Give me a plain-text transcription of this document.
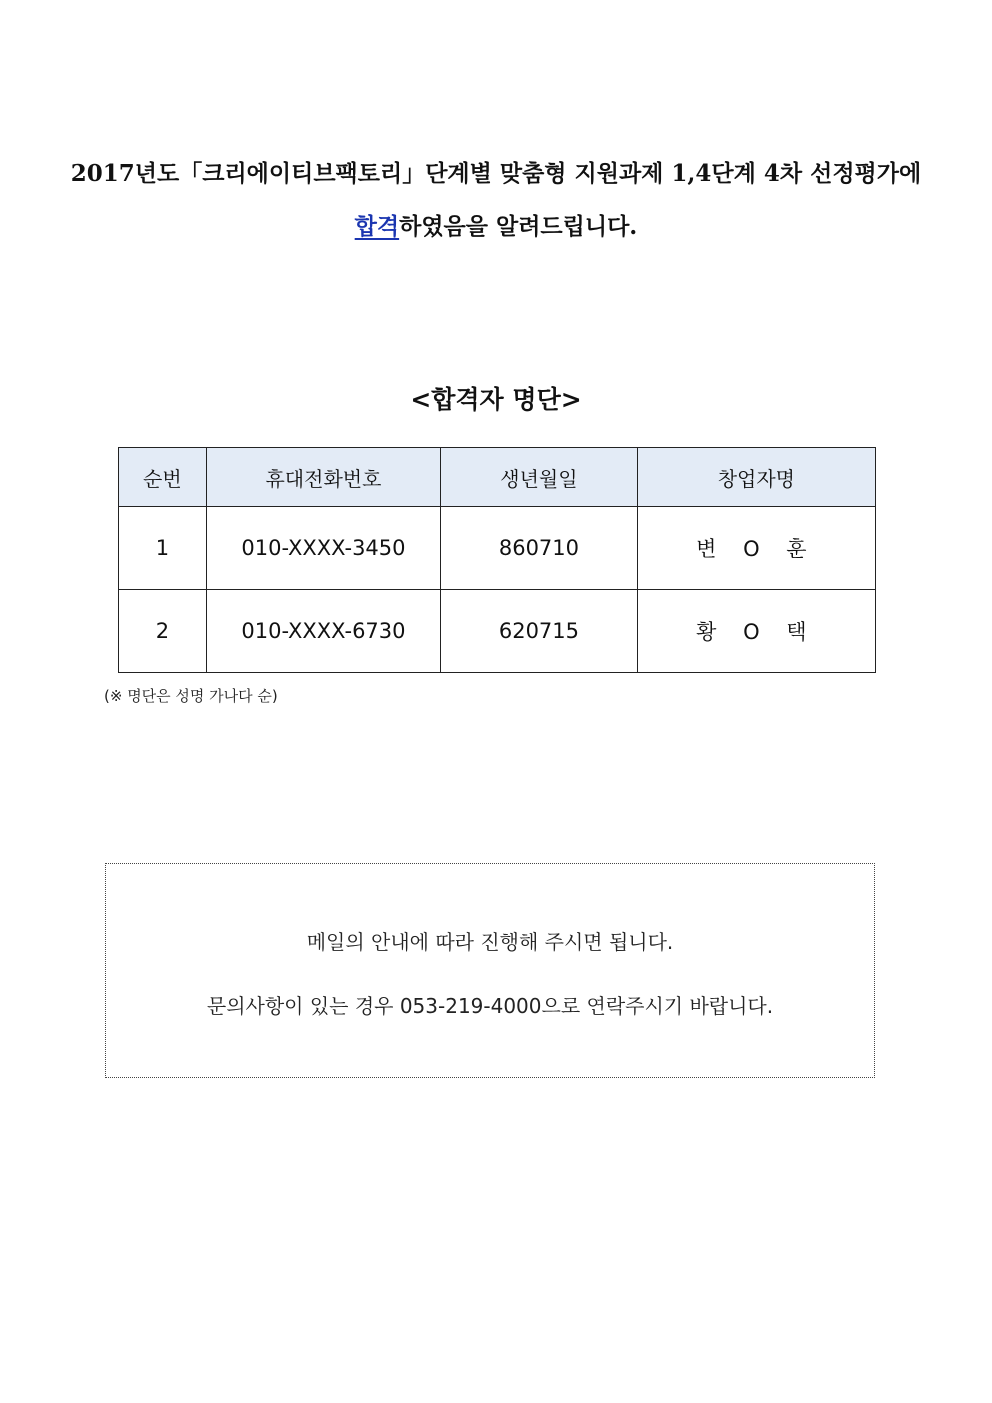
2017년도「크리에이티브팩토리」단계별 맞춤형 지원과제 1,4단계 4차 선정평가에
합격하였음을 알려드립니다.
<합격자 명단>
순번	휴대전화번호	생년월일	창업자명
1	010-XXXX-3450	860710	변 O 훈
2	010-XXXX-6730	620715	황 O 택
(※ 명단은 성명 가나다 순)
메일의 안내에 따라 진행해 주시면 됩니다.
문의사항이 있는 경우 053-219-4000으로 연락주시기 바랍니다.
